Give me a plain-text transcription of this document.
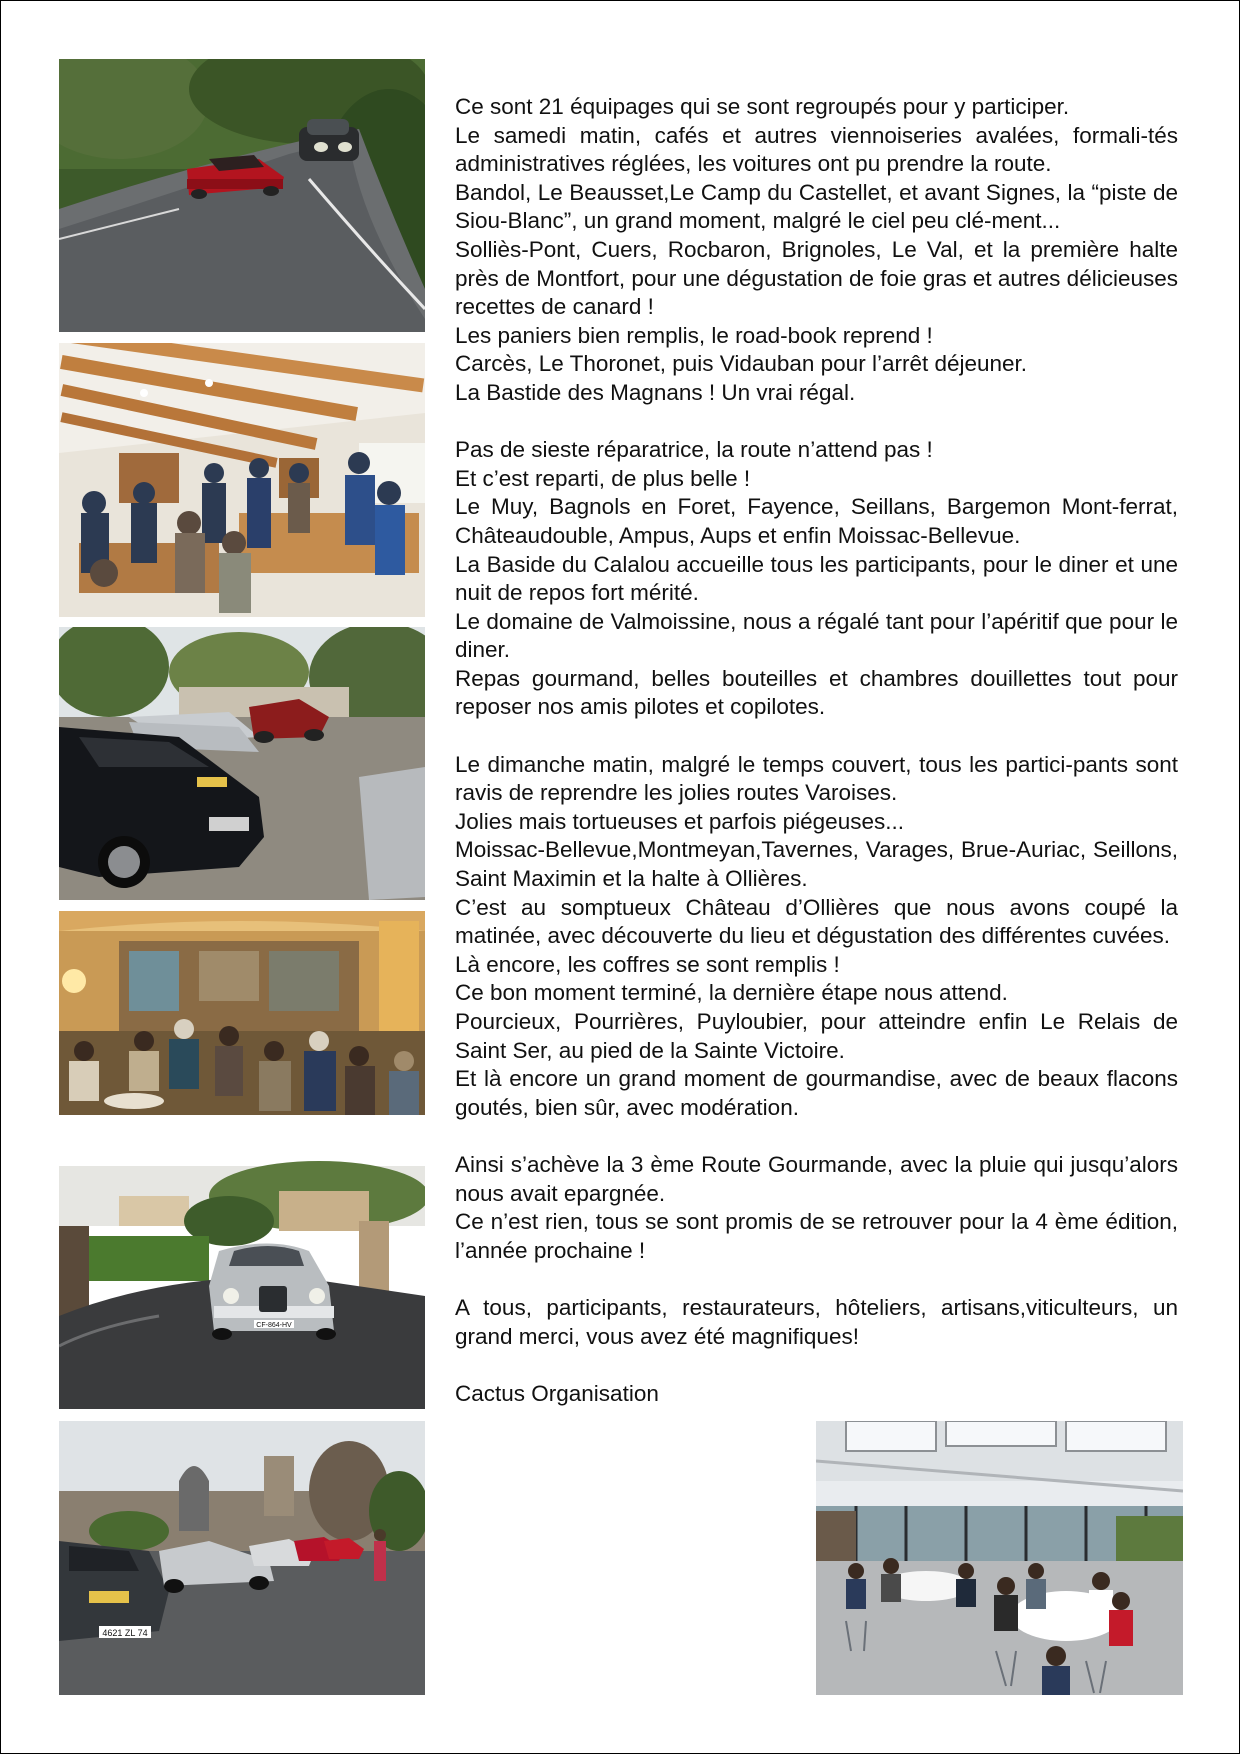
CF-864-HV
4621 ZL 74

Ce sont 21 équipages qui se sont regroupés pour y participer.

Le samedi matin, cafés et autres viennoiseries avalées, formali-tés administratives réglées, les voitures ont pu prendre la route.

Bandol, Le Beausset,Le Camp du Castellet, et avant Signes, la “piste de Siou-Blanc”, un grand moment, malgré le ciel peu clé-ment...

Solliès-Pont, Cuers, Rocbaron, Brignoles, Le Val, et la première halte près de Montfort, pour une dégustation de foie gras et autres délicieuses recettes de canard !

Les paniers bien remplis, le road-book reprend !

Carcès, Le Thoronet, puis Vidauban pour l’arrêt déjeuner.

La Bastide des Magnans ! Un vrai régal.

Pas de sieste réparatrice, la route n’attend pas !

Et c’est reparti, de plus belle !

Le Muy, Bagnols en Foret, Fayence, Seillans, Bargemon Mont-ferrat, Châteaudouble, Ampus, Aups et enfin Moissac-Bellevue.

La Baside du Calalou accueille tous les participants, pour le diner et une nuit de repos fort mérité.

Le domaine de Valmoissine, nous a régalé tant pour l’apéritif que pour le diner.

Repas gourmand, belles bouteilles et chambres douillettes tout pour reposer nos amis pilotes et copilotes.

Le dimanche matin, malgré le temps couvert, tous les partici-pants sont ravis de reprendre les jolies routes Varoises.

Jolies mais tortueuses et parfois piégeuses...

Moissac-Bellevue,Montmeyan,Tavernes, Varages, Brue-Auriac, Seillons, Saint Maximin et la halte à Ollières.

C’est au somptueux Château d’Ollières que nous avons coupé la matinée, avec découverte du lieu et dégustation des différentes cuvées.

Là encore, les coffres se sont remplis !

Ce bon moment terminé, la dernière étape nous attend.

Pourcieux, Pourrières, Puyloubier, pour atteindre enfin Le Relais de Saint Ser, au pied de la Sainte Victoire.

Et là encore un grand moment de gourmandise, avec de beaux flacons goutés, bien sûr, avec modération.

Ainsi s’achève la 3 ème Route Gourmande, avec la pluie qui jusqu’alors nous avait epargnée.

Ce n’est rien, tous se sont promis de se retrouver pour la 4 ème édition, l’année prochaine !

A tous, participants, restaurateurs, hôteliers, artisans,viticulteurs, un grand merci, vous avez été magnifiques!

Cactus Organisation
